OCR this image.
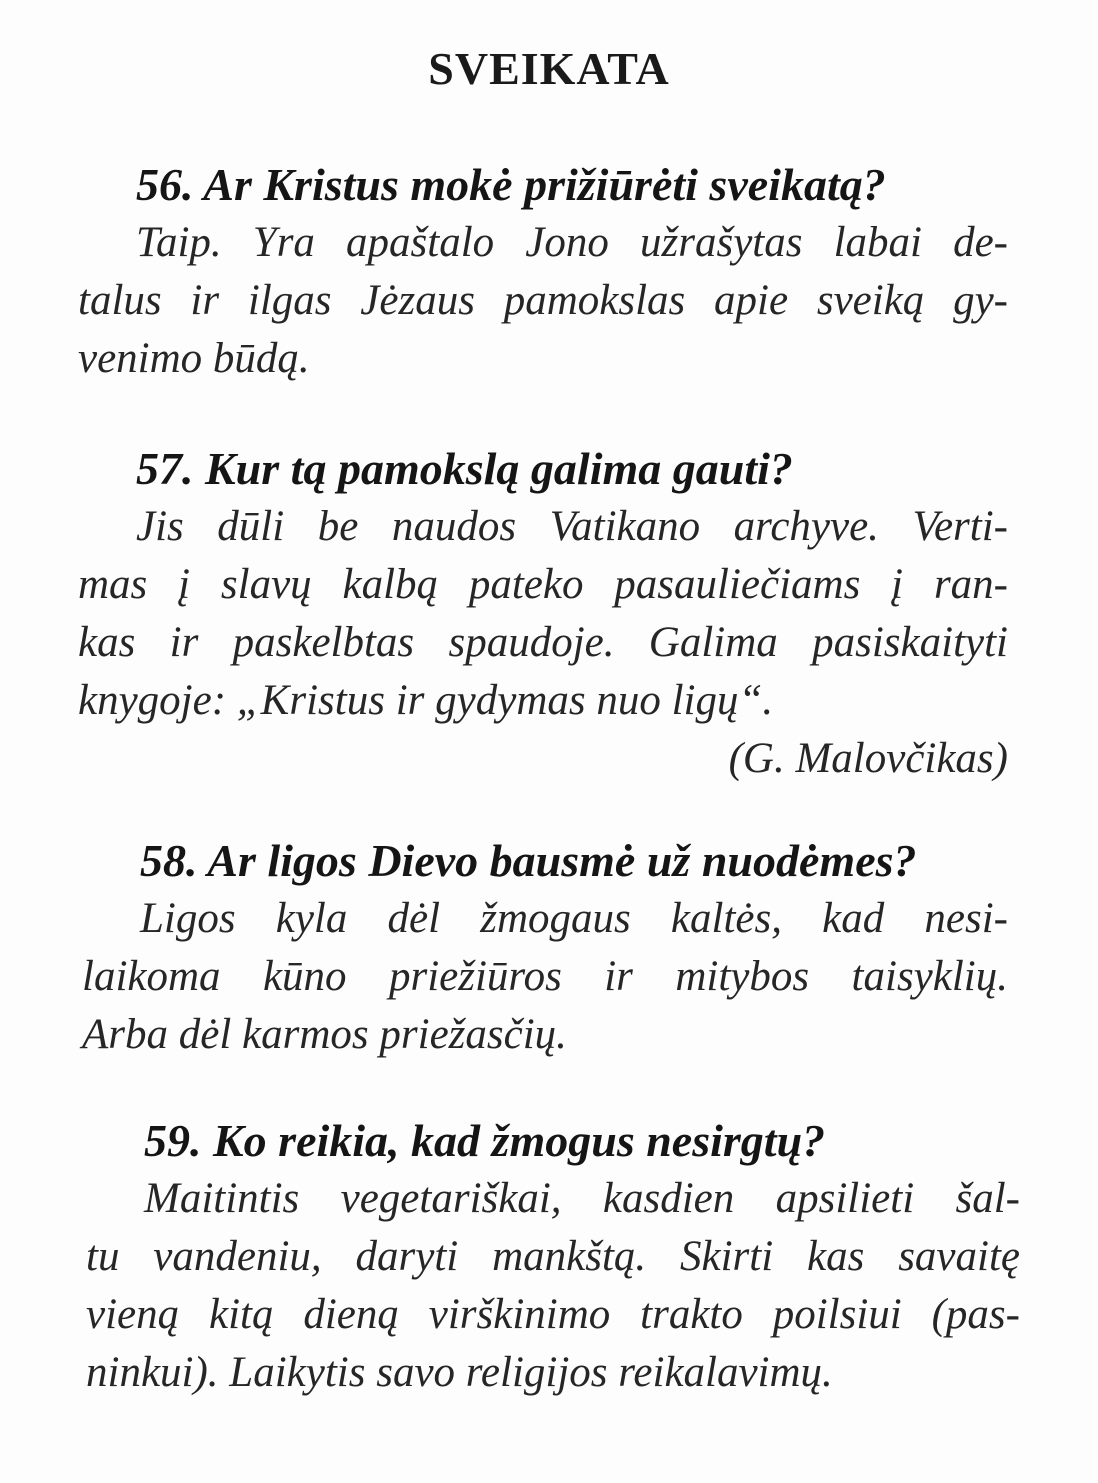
SVEIKATA
56. Ar Kristus mokė prižiūrėti sveikatą?
Taip. Yra apaštalo Jono užrašytas labai de-
talus ir ilgas Jėzaus pamokslas apie sveiką gy-
venimo būdą.
57. Kur tą pamokslą galima gauti?
Jis dūli be naudos Vatikano archyve. Verti-
mas į slavų kalbą pateko pasauliečiams į ran-
kas ir paskelbtas spaudoje. Galima pasiskaityti
knygoje: „Kristus ir gydymas nuo ligų“.
(G. Malovčikas)
58. Ar ligos Dievo bausmė už nuodėmes?
Ligos kyla dėl žmogaus kaltės, kad nesi-
laikoma kūno priežiūros ir mitybos taisyklių.
Arba dėl karmos priežasčių.
59. Ko reikia, kad žmogus nesirgtų?
Maitintis vegetariškai, kasdien apsilieti šal-
tu vandeniu, daryti mankštą. Skirti kas savaitę
vieną kitą dieną virškinimo trakto poilsiui (pas-
ninkui). Laikytis savo religijos reikalavimų.
